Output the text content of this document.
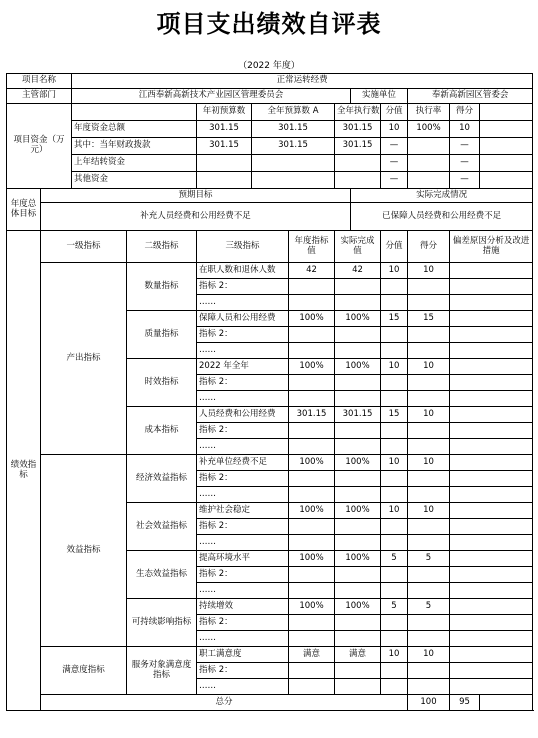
项目支出绩效自评表
（2022 年度）
项目名称		正常运转经费										
主管部门		江西奉新高新技术产业园区管理委员会						实施单位		奉新高新园区管委会		
项目资金（万元）				年初预算数	全年预算数 A		全年执行数		分值	执行率	得分	
		年度资金总额		301.15	301.15		301.15		10	100%	10	
		其中：当年财政拨款		301.15	301.15		301.15		—		—	
		上年结转资金							—		—	
		其他资金							—		—	
年度总体目标	预期目标							实际完成情况				
	补充人员经费和公用经费不足							已保障人员经费和公用经费不足				
绩效指标	一级指标		二级指标	三级指标		年度指标值	实际完成值		分值	得分	偏差原因分析及改进措施	
	产出指标		数量指标	在职人数和退休人数		42	42		10	10		
				指标 2：								
				……								
			质量指标	保障人员和公用经费		100%	100%		15	15		
				指标 2：								
				……								
			时效指标	2022 年全年		100%	100%		10	10		
				指标 2：								
				……								
			成本指标	人员经费和公用经费		301.15	301.15		15	10		
				指标 2：								
				……								
	效益指标		经济效益指标	补充单位经费不足		100%	100%		10	10		
				指标 2：								
				……								
			社会效益指标	维护社会稳定		100%	100%		10	10		
				指标 2：								
				……								
			生态效益指标	提高环境水平		100%	100%		5	5		
				指标 2：								
				……								
			可持续影响指标	持续增效		100%	100%		5	5		
				指标 2：								
				……								
	满意度指标		服务对象满意度指标	职工满意度		满意	满意		10	10		
				指标 2：								
				……								
	总分									100	95	
